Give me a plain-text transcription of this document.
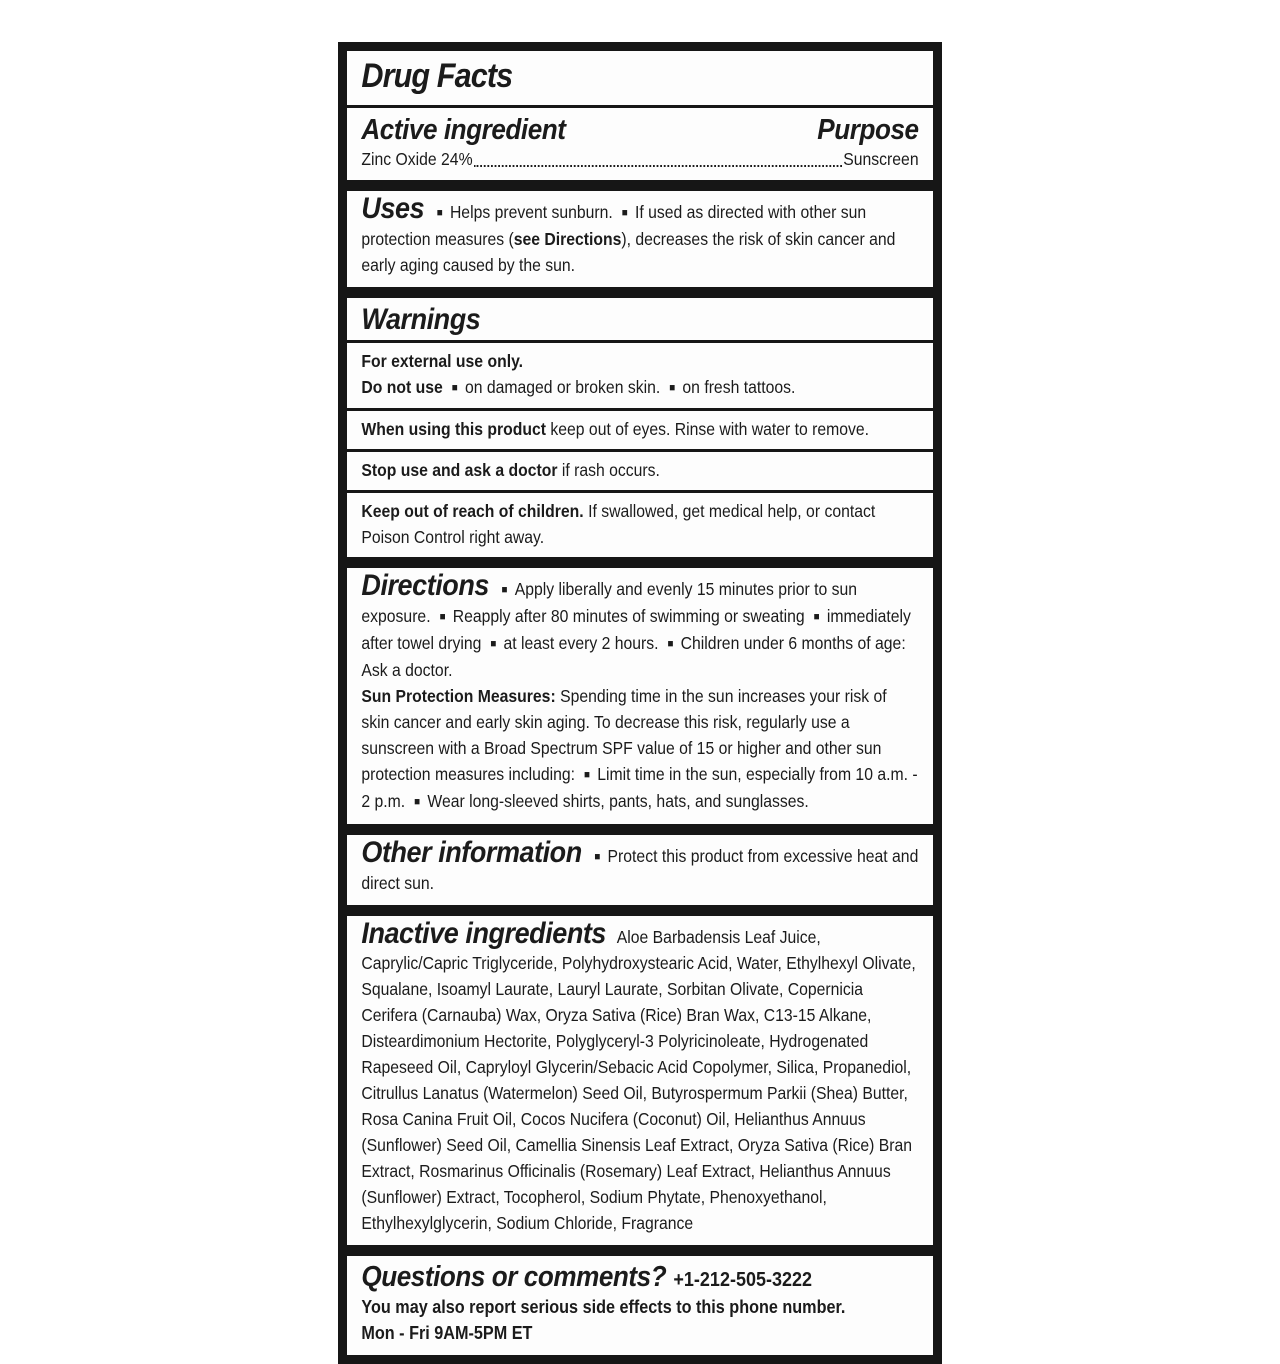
Drug Facts
Active ingredient	Purpose
Zinc Oxide 24%	Sunscreen
Uses ■ Helps prevent sunburn. ■ If used as directed with other sun protection measures (see Directions), decreases the risk of skin cancer and early aging caused by the sun.
Warnings
For external use only.
Do not use ■ on damaged or broken skin. ■ on fresh tattoos.
When using this product keep out of eyes. Rinse with water to remove.
Stop use and ask a doctor if rash occurs.
Keep out of reach of children. If swallowed, get medical help, or contact Poison Control right away.
Directions ■ Apply liberally and evenly 15 minutes prior to sun exposure. ■ Reapply after 80 minutes of swimming or sweating ■ immediately after towel drying ■ at least every 2 hours. ■ Children under 6 months of age: Ask a doctor.
Sun Protection Measures: Spending time in the sun increases your risk of skin cancer and early skin aging. To decrease this risk, regularly use a sunscreen with a Broad Spectrum SPF value of 15 or higher and other sun protection measures including: ■ Limit time in the sun, especially from 10 a.m. - 2 p.m. ■ Wear long-sleeved shirts, pants, hats, and sunglasses.
Other information ■ Protect this product from excessive heat and direct sun.
Inactive ingredients Aloe Barbadensis Leaf Juice, Caprylic/Capric Triglyceride, Polyhydroxystearic Acid, Water, Ethylhexyl Olivate, Squalane, Isoamyl Laurate, Lauryl Laurate, Sorbitan Olivate, Copernicia Cerifera (Carnauba) Wax, Oryza Sativa (Rice) Bran Wax, C13-15 Alkane, Disteardimonium Hectorite, Polyglyceryl-3 Polyricinoleate, Hydrogenated Rapeseed Oil, Capryloyl Glycerin/Sebacic Acid Copolymer, Silica, Propanediol, Citrullus Lanatus (Watermelon) Seed Oil, Butyrospermum Parkii (Shea) Butter, Rosa Canina Fruit Oil, Cocos Nucifera (Coconut) Oil, Helianthus Annuus (Sunflower) Seed Oil, Camellia Sinensis Leaf Extract, Oryza Sativa (Rice) Bran Extract, Rosmarinus Officinalis (Rosemary) Leaf Extract, Helianthus Annuus (Sunflower) Extract, Tocopherol, Sodium Phytate, Phenoxyethanol, Ethylhexylglycerin, Sodium Chloride, Fragrance
Questions or comments? +1-212-505-3222
You may also report serious side effects to this phone number.
Mon - Fri 9AM-5PM ET
